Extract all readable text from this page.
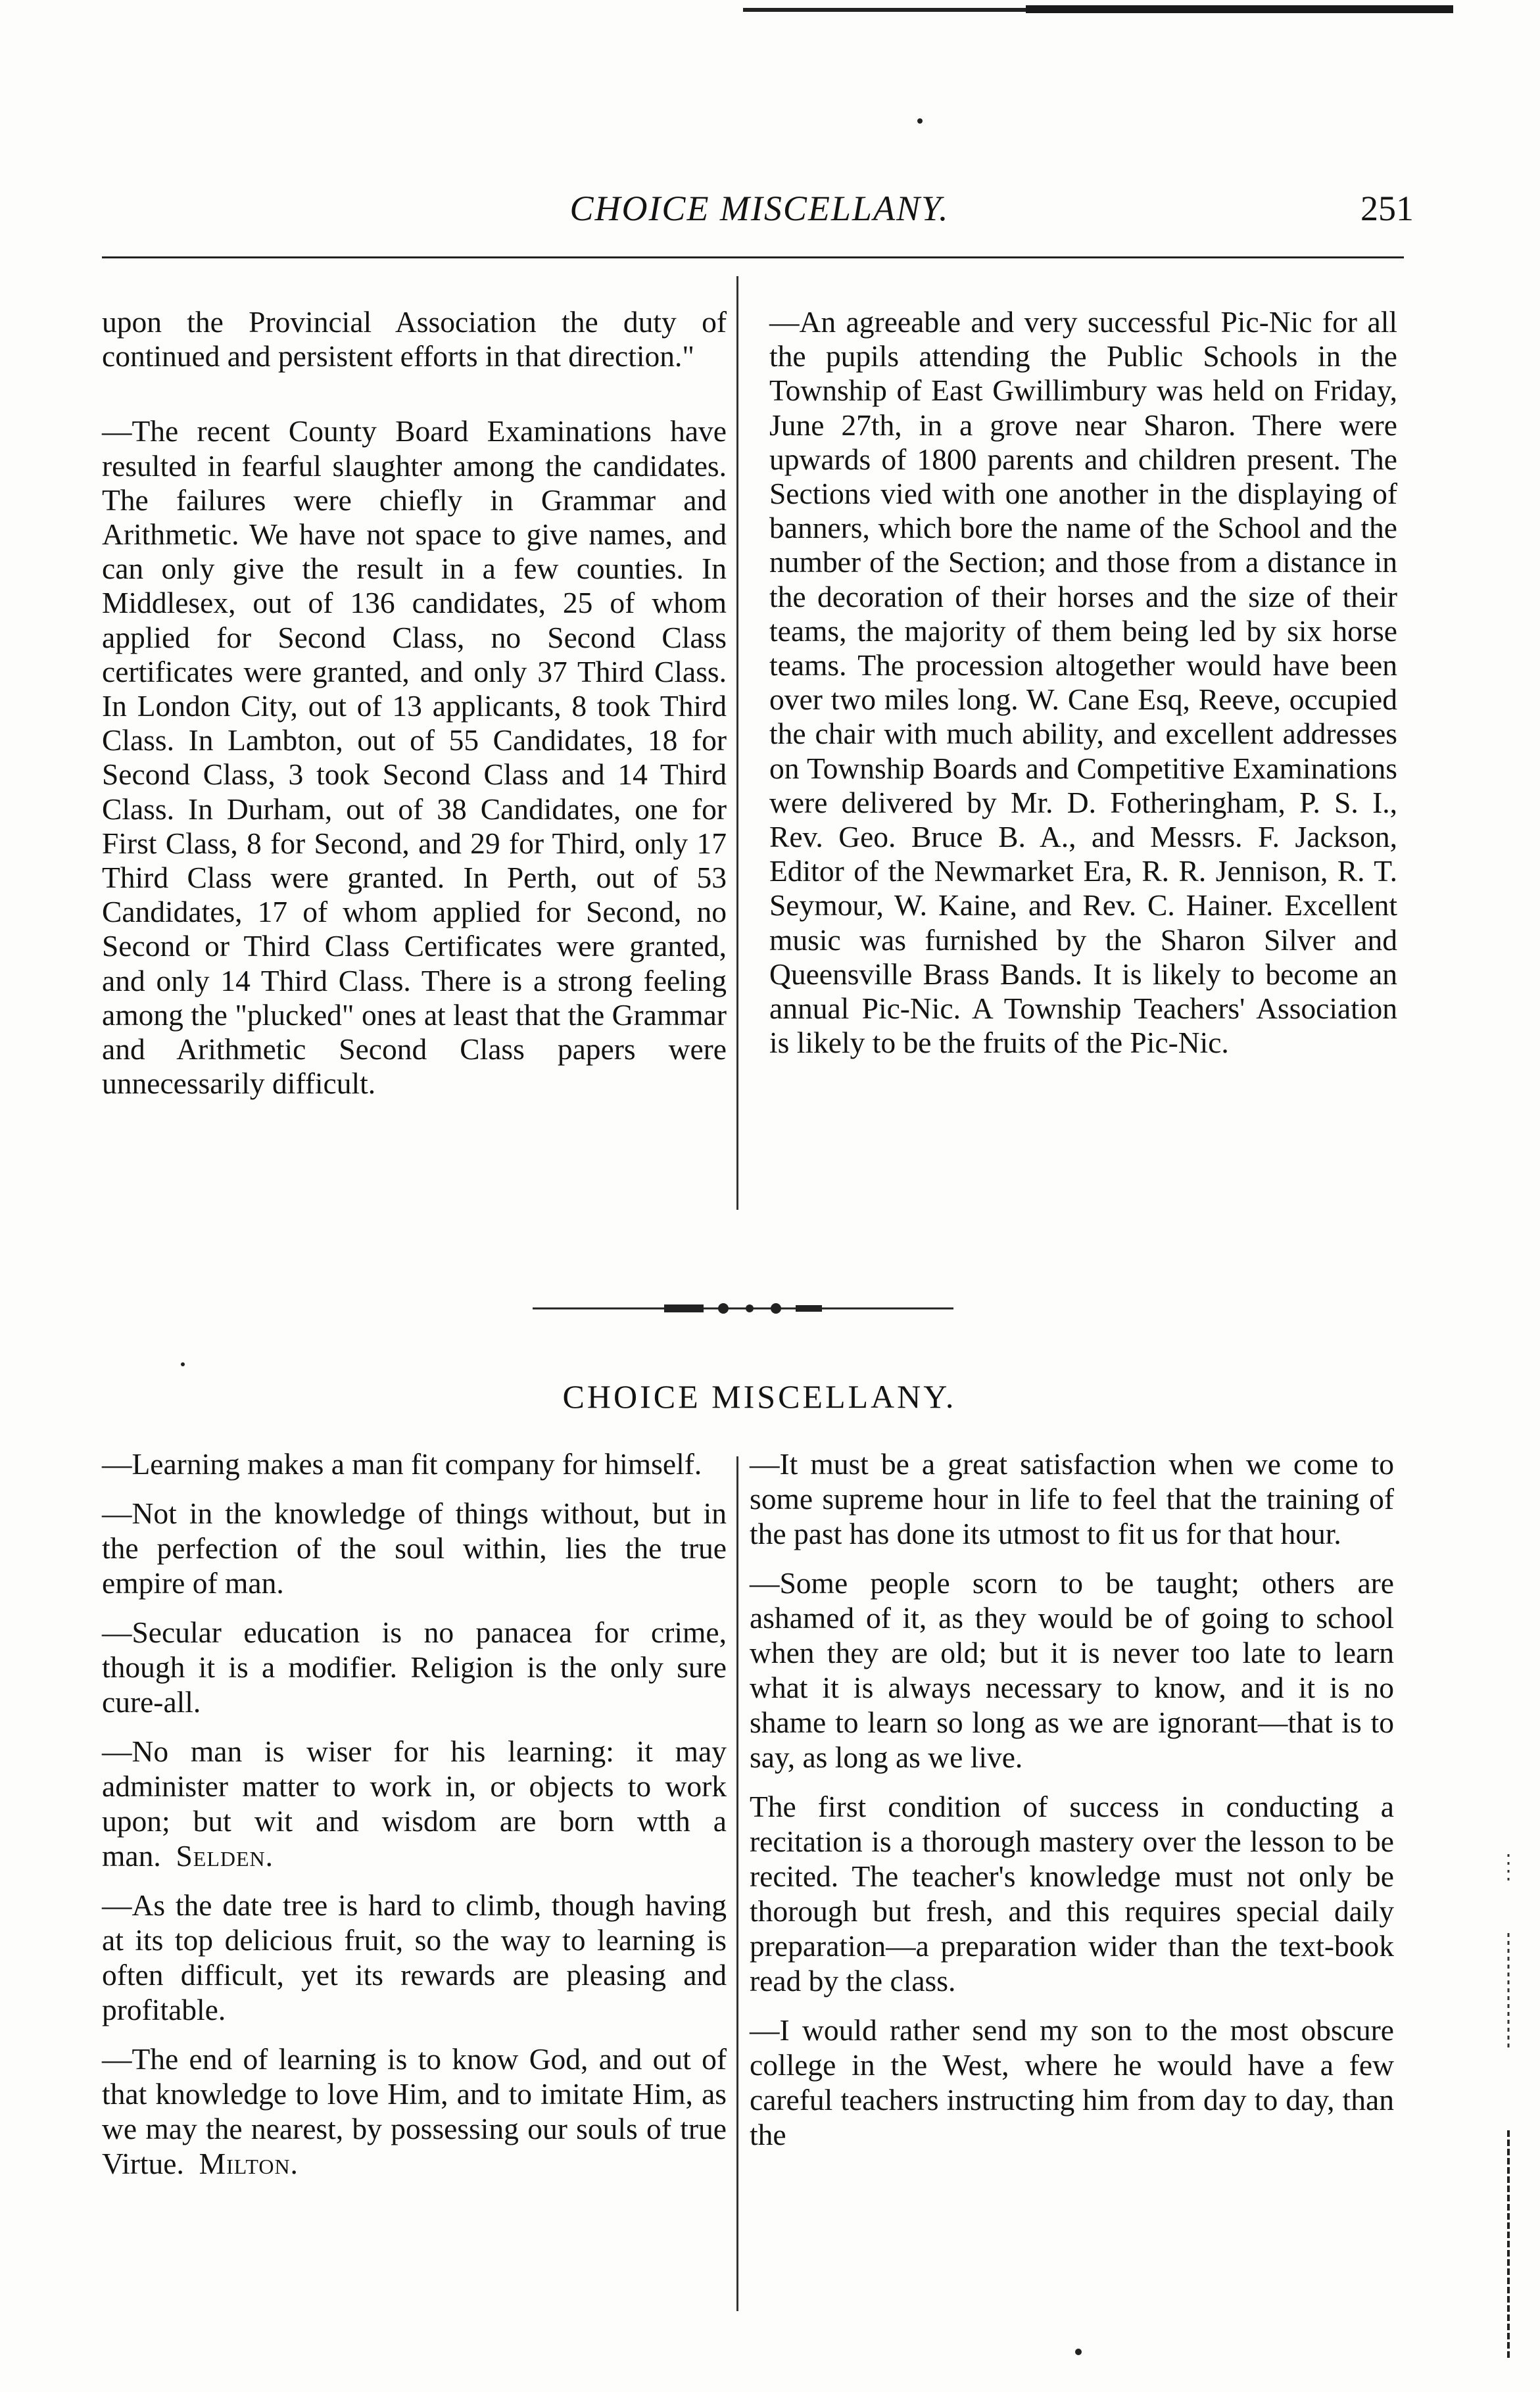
CHOICE MISCELLANY.	251

upon the Provincial Association the duty of continued and persistent efforts in that direction."

—The recent County Board Examinations have resulted in fearful slaughter among the candidates. The failures were chiefly in Grammar and Arithmetic. We have not space to give names, and can only give the result in a few counties. In Middlesex, out of 136 candidates, 25 of whom applied for Second Class, no Second Class certificates were granted, and only 37 Third Class. In London City, out of 13 applicants, 8 took Third Class. In Lambton, out of 55 Candidates, 18 for Second Class, 3 took Second Class and 14 Third Class. In Durham, out of 38 Candidates, one for First Class, 8 for Second, and 29 for Third, only 17 Third Class were granted. In Perth, out of 53 Candidates, 17 of whom applied for Second, no Second or Third Class Certificates were granted, and only 14 Third Class. There is a strong feeling among the "plucked" ones at least that the Grammar and Arithmetic Second Class papers were unnecessarily difficult.

—An agreeable and very successful Pic-Nic for all the pupils attending the Public Schools in the Township of East Gwillimbury was held on Friday, June 27th, in a grove near Sharon. There were upwards of 1800 parents and children present. The Sections vied with one another in the displaying of banners, which bore the name of the School and the number of the Section; and those from a distance in the decoration of their horses and the size of their teams, the majority of them being led by six horse teams. The procession altogether would have been over two miles long. W. Cane Esq, Reeve, occupied the chair with much ability, and excellent addresses on Township Boards and Competitive Examinations were delivered by Mr. D. Fotheringham, P. S. I., Rev. Geo. Bruce B. A., and Messrs. F. Jackson, Editor of the Newmarket Era, R. R. Jennison, R. T. Seymour, W. Kaine, and Rev. C. Hainer. Excellent music was furnished by the Sharon Silver and Queensville Brass Bands. It is likely to become an annual Pic-Nic. A Township Teachers' Association is likely to be the fruits of the Pic-Nic.

CHOICE MISCELLANY.

—Learning makes a man fit company for himself.

—Not in the knowledge of things without, but in the perfection of the soul within, lies the true empire of man.

—Secular education is no panacea for crime, though it is a modifier. Religion is the only sure cure-all.

—No man is wiser for his learning: it may administer matter to work in, or objects to work upon; but wit and wisdom are born wtth a man. Selden.

—As the date tree is hard to climb, though having at its top delicious fruit, so the way to learning is often difficult, yet its rewards are pleasing and profitable.

—The end of learning is to know God, and out of that knowledge to love Him, and to imitate Him, as we may the nearest, by possessing our souls of true Virtue. Milton.

—It must be a great satisfaction when we come to some supreme hour in life to feel that the training of the past has done its utmost to fit us for that hour.

—Some people scorn to be taught; others are ashamed of it, as they would be of going to school when they are old; but it is never too late to learn what it is always necessary to know, and it is no shame to learn so long as we are ignorant—that is to say, as long as we live.

The first condition of success in conducting a recitation is a thorough mastery over the lesson to be recited. The teacher's knowledge must not only be thorough but fresh, and this requires special daily preparation—a preparation wider than the text-book read by the class.

—I would rather send my son to the most obscure college in the West, where he would have a few careful teachers instructing him from day to day, than the
